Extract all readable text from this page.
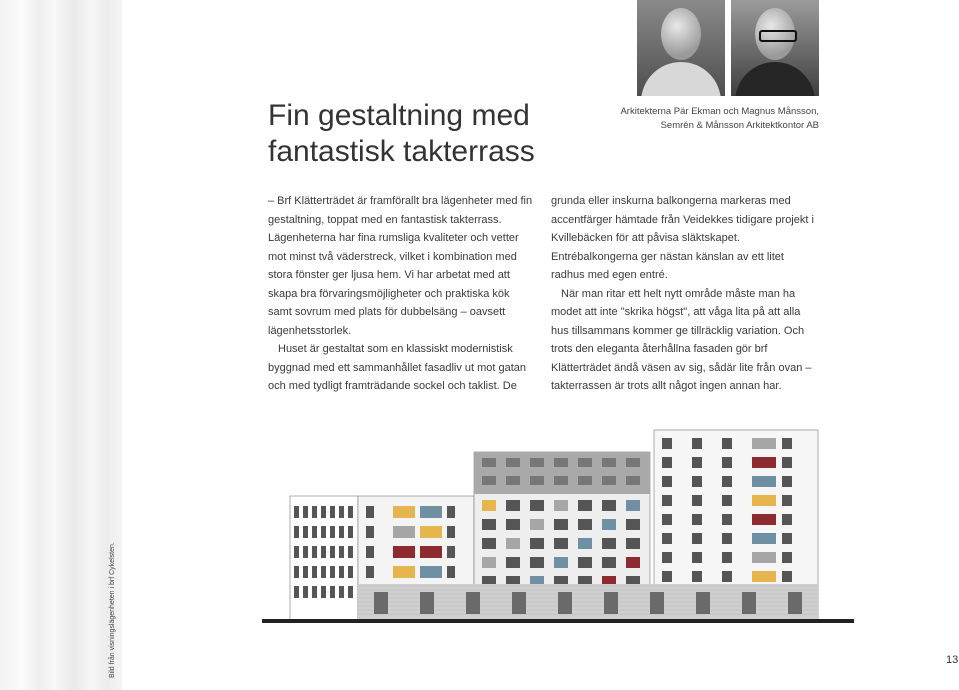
Bild från visningslägenheten i brf Cykelsten.
Fin gestaltning med
fantastisk takterrass
Arkitekterna Pär Ekman och Magnus Månsson,
Semrén & Månsson Arkitektkontor AB

– Brf Klätterträdet är framförallt bra lägenheter med fin gestaltning, toppat med en fantastisk takterrass. Lägenheterna har fina rumsliga kvaliteter och vetter mot minst två väderstreck, vilket i kombination med stora fönster ger ljusa hem. Vi har arbetat med att skapa bra förvaringsmöjligheter och praktiska kök samt sovrum med plats för dubbelsäng – oavsett lägenhetsstorlek.

Huset är gestaltat som en klassiskt modernistisk byggnad med ett sammanhållet fasadliv ut mot gatan och med tydligt framträdande sockel och taklist. De

grunda eller inskurna balkongerna markeras med accentfärger hämtade från Veidekkes tidigare projekt i Kvillebäcken för att påvisa släktskapet. Entrébalkongerna ger nästan känslan av ett litet radhus med egen entré.

När man ritar ett helt nytt område måste man ha modet att inte "skrika högst", att våga lita på att alla hus tillsammans kommer ge tillräcklig variation. Och trots den eleganta återhållna fasaden gör brf Klätterträdet ändå väsen av sig, sådär lite från ovan – takterrassen är trots allt något ingen annan har.

13
